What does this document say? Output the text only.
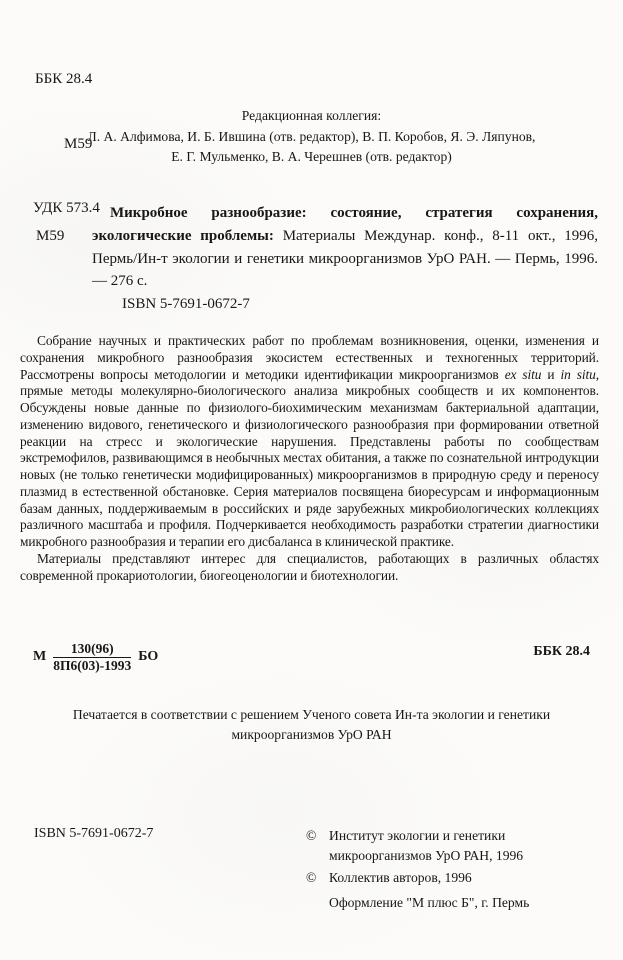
ББК 28.4

М59

УДК 573.4

Редакционная коллегия:
Л. А. Алфимова, И. Б. Ившина (отв. редактор), В. П. Коробов, Я. Э. Ляпунов,
Е. Г. Мульменко, В. А. Черешнев (отв. редактор)
М59
Микробное разнообразие: состояние, стратегия сохранения, экологические проблемы: Материалы Междунар. конф., 8-11 окт., 1996, Пермь/Ин-т экологии и генетики микроорганизмов УрО РАН. — Пермь, 1996. — 276 с.
ISBN 5-7691-0672-7

Собрание научных и практических работ по проблемам возникновения, оценки, изменения и сохранения микробного разнообразия экосистем естественных и техногенных территорий. Рассмотрены вопросы методологии и методики идентификации микроорганизмов ex situ и in situ, прямые методы молекулярно-биологического анализа микробных сообществ и их компонентов. Обсуждены новые данные по физиолого-биохимическим механизмам бактериальной адаптации, изменению видового, генетического и физиологического разнообразия при формировании ответной реакции на стресс и экологические нарушения. Представлены работы по сообществам экстремофилов, развивающимся в необычных местах обитания, а также по сознательной интродукции новых (не только генетически модифицированных) микроорганизмов в природную среду и переносу плазмид в естественной обстановке. Серия материалов посвящена биоресурсам и информационным базам данных, поддерживаемым в российских и ряде зарубежных микробиологических коллекциях различного масштаба и профиля. Подчеркивается необходимость разработки стратегии диагностики микробного разнообразия и терапии его дисбаланса в клинической практике.

Материалы представляют интерес для специалистов, работающих в различных областях современной прокариотологии, биогеоценологии и биотехнологии.

ББК 28.4
М $\frac{130(96)}{8П6(03)-1993}$ БО
Печатается в соответствии с решением Ученого совета Ин-та экологии и генетики
микроорганизмов УрО РАН
ISBN 5-7691-0672-7	© Институт экологии и генетики
микроорганизмов УрО РАН, 1996
© Коллектив авторов, 1996
Оформление "М плюс Б", г. Пермь
